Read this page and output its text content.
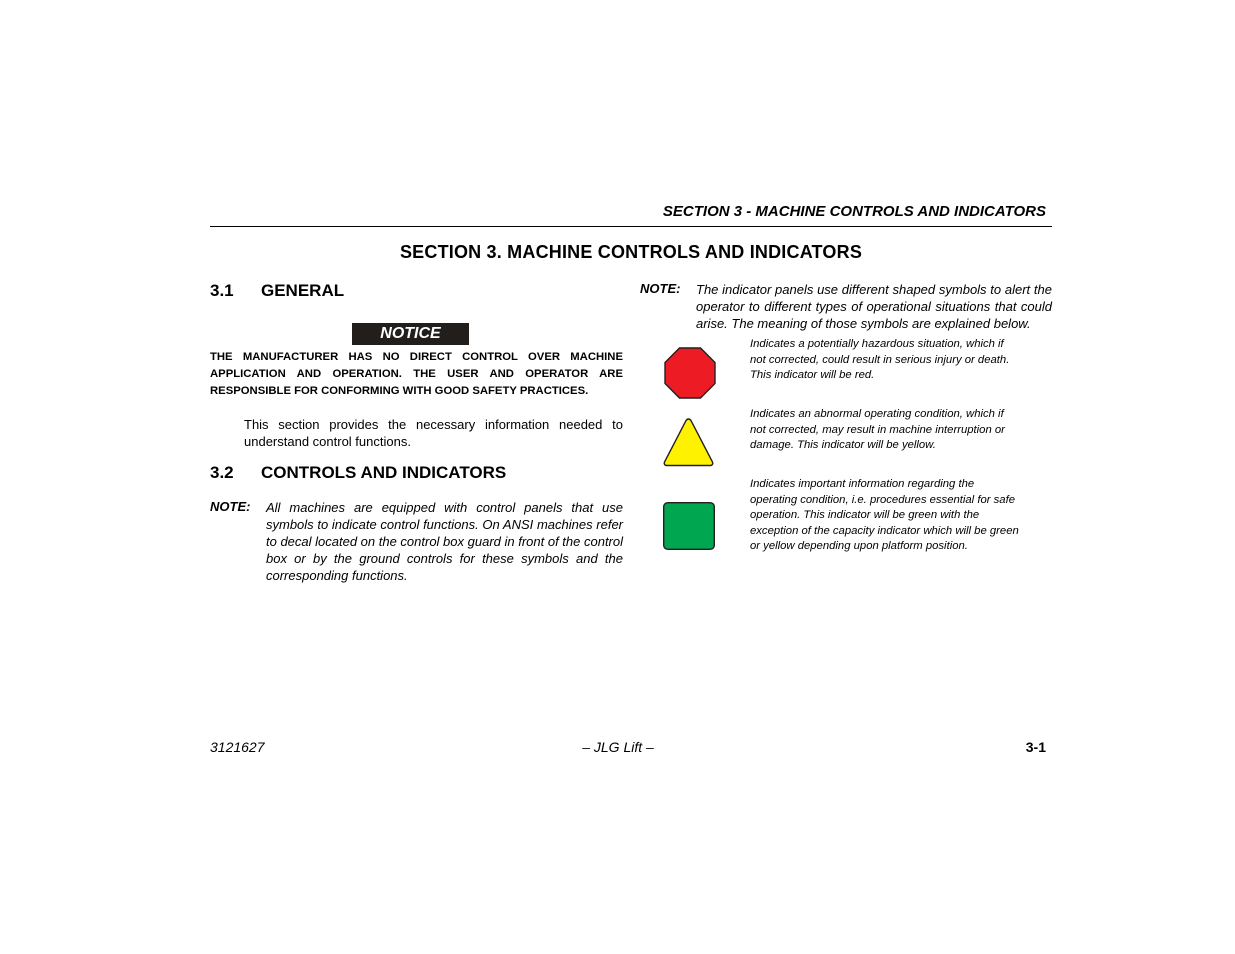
SECTION 3 - MACHINE CONTROLS AND INDICATORS
SECTION 3. MACHINE CONTROLS AND INDICATORS
3.1 GENERAL
NOTICE
THE MANUFACTURER HAS NO DIRECT CONTROL OVER MACHINE APPLICATION AND OPERATION. THE USER AND OPERATOR ARE RESPONSIBLE FOR CONFORMING WITH GOOD SAFETY PRACTICES.
This section provides the necessary information needed to understand control functions.
3.2 CONTROLS AND INDICATORS
NOTE: All machines are equipped with control panels that use symbols to indicate control functions. On ANSI machines refer to decal located on the control box guard in front of the control box or by the ground controls for these symbols and the corresponding functions.
NOTE: The indicator panels use different shaped symbols to alert the operator to different types of operational situations that could arise. The meaning of those symbols are explained below.
Indicates a potentially hazardous situation, which if not corrected, could result in serious injury or death. This indicator will be red.
Indicates an abnormal operating condition, which if not corrected, may result in machine interruption or damage. This indicator will be yellow.
Indicates important information regarding the operating condition, i.e. procedures essential for safe operation. This indicator will be green with the exception of the capacity indicator which will be green or yellow depending upon platform position.
3121627	– JLG Lift –	3-1
